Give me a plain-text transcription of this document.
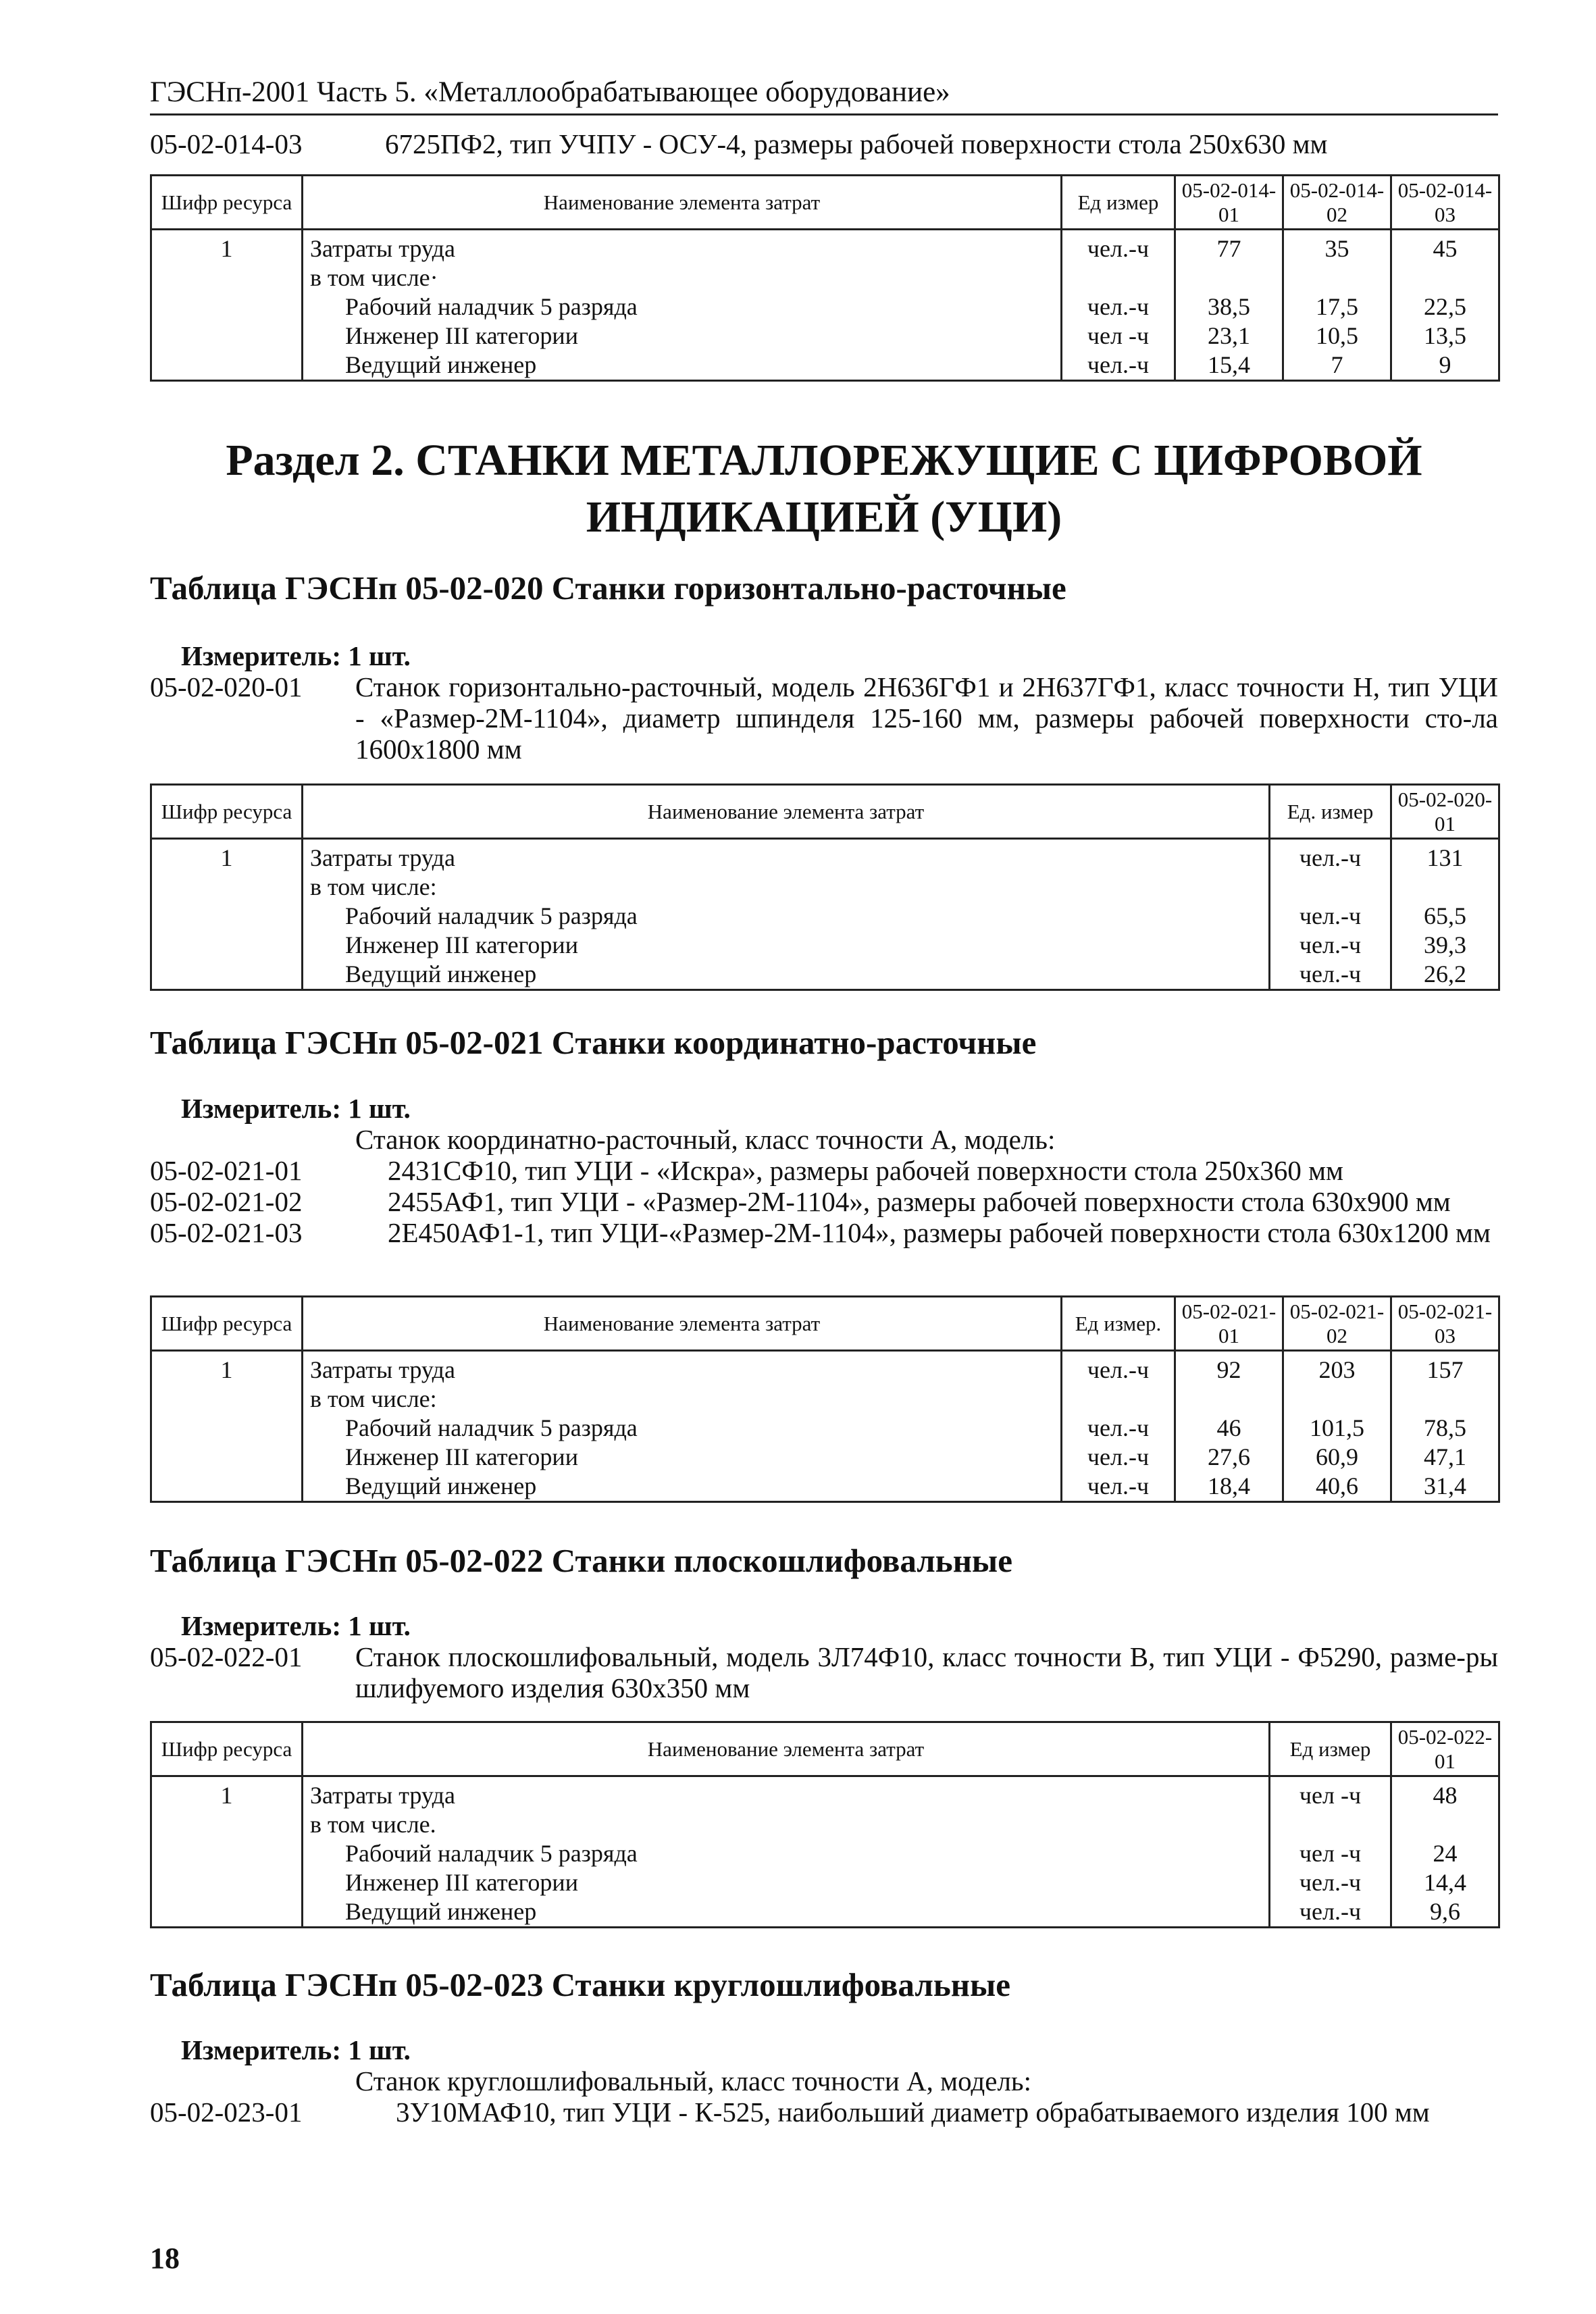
ГЭСНп-2001 Часть 5. «Металлообрабатывающее оборудование»
05-02-014-03	6725ПФ2, тип УЧПУ - ОСУ-4, размеры рабочей поверхности стола 250х630 мм
Шифр ресурса	Наименование элемента затрат	Ед измер	05-02-014-01	05-02-014-02	05-02-014-03
1	Затраты труда	чел.-ч	77	35	45
	в том числе·				
	Рабочий наладчик 5 разряда	чел.-ч	38,5	17,5	22,5
	Инженер III категории	чел -ч	23,1	10,5	13,5
	Ведущий инженер	чел.-ч	15,4	7	9
Раздел 2. СТАНКИ МЕТАЛЛОРЕЖУЩИЕ С ЦИФРОВОЙ
ИНДИКАЦИЕЙ (УЦИ)
Таблица ГЭСНп 05-02-020 Станки горизонтально-расточные
Измеритель: 1 шт.
05-02-020-01 Станок горизонтально-расточный, модель 2Н636ГФ1 и 2Н637ГФ1, класс точности Н, тип УЦИ - «Размер-2М-1104», диаметр шпинделя 125-160 мм, размеры рабочей поверхности сто-ла 1600х1800 мм
Шифр ресурса	Наименование элемента затрат	Ед. измер	05-02-020-01
1	Затраты труда	чел.-ч	131
	в том числе:		
	Рабочий наладчик 5 разряда	чел.-ч	65,5
	Инженер III категории	чел.-ч	39,3
	Ведущий инженер	чел.-ч	26,2
Таблица ГЭСНп 05-02-021 Станки координатно-расточные
Измеритель: 1 шт.
Станок координатно-расточный, класс точности А, модель:
05-02-021-01	2431СФ10, тип УЦИ - «Искра», размеры рабочей поверхности стола 250х360 мм
05-02-021-02	2455АФ1, тип УЦИ - «Размер-2М-1104», размеры рабочей поверхности стола 630х900 мм
05-02-021-03	2Е450АФ1-1, тип УЦИ-«Размер-2М-1104», размеры рабочей поверхности стола 630х1200 мм
Шифр ресурса	Наименование элемента затрат	Ед измер.	05-02-021-01	05-02-021-02	05-02-021-03
1	Затраты труда	чел.-ч	92	203	157
	в том числе:				
	Рабочий наладчик 5 разряда	чел.-ч	46	101,5	78,5
	Инженер III категории	чел.-ч	27,6	60,9	47,1
	Ведущий инженер	чел.-ч	18,4	40,6	31,4
Таблица ГЭСНп 05-02-022 Станки плоскошлифовальные
Измеритель: 1 шт.
05-02-022-01 Станок плоскошлифовальный, модель 3Л74Ф10, класс точности В, тип УЦИ - Ф5290, разме-ры шлифуемого изделия 630х350 мм
Шифр ресурса	Наименование элемента затрат	Ед измер	05-02-022-01
1	Затраты труда	чел -ч	48
	в том числе.		
	Рабочий наладчик 5 разряда	чел -ч	24
	Инженер III категории	чел.-ч	14,4
	Ведущий инженер	чел.-ч	9,6
Таблица ГЭСНп 05-02-023 Станки круглошлифовальные
Измеритель: 1 шт.
Станок круглошлифовальный, класс точности А, модель:
05-02-023-01	3У10МАФ10, тип УЦИ - К-525, наибольший диаметр обрабатываемого изделия 100 мм
18
